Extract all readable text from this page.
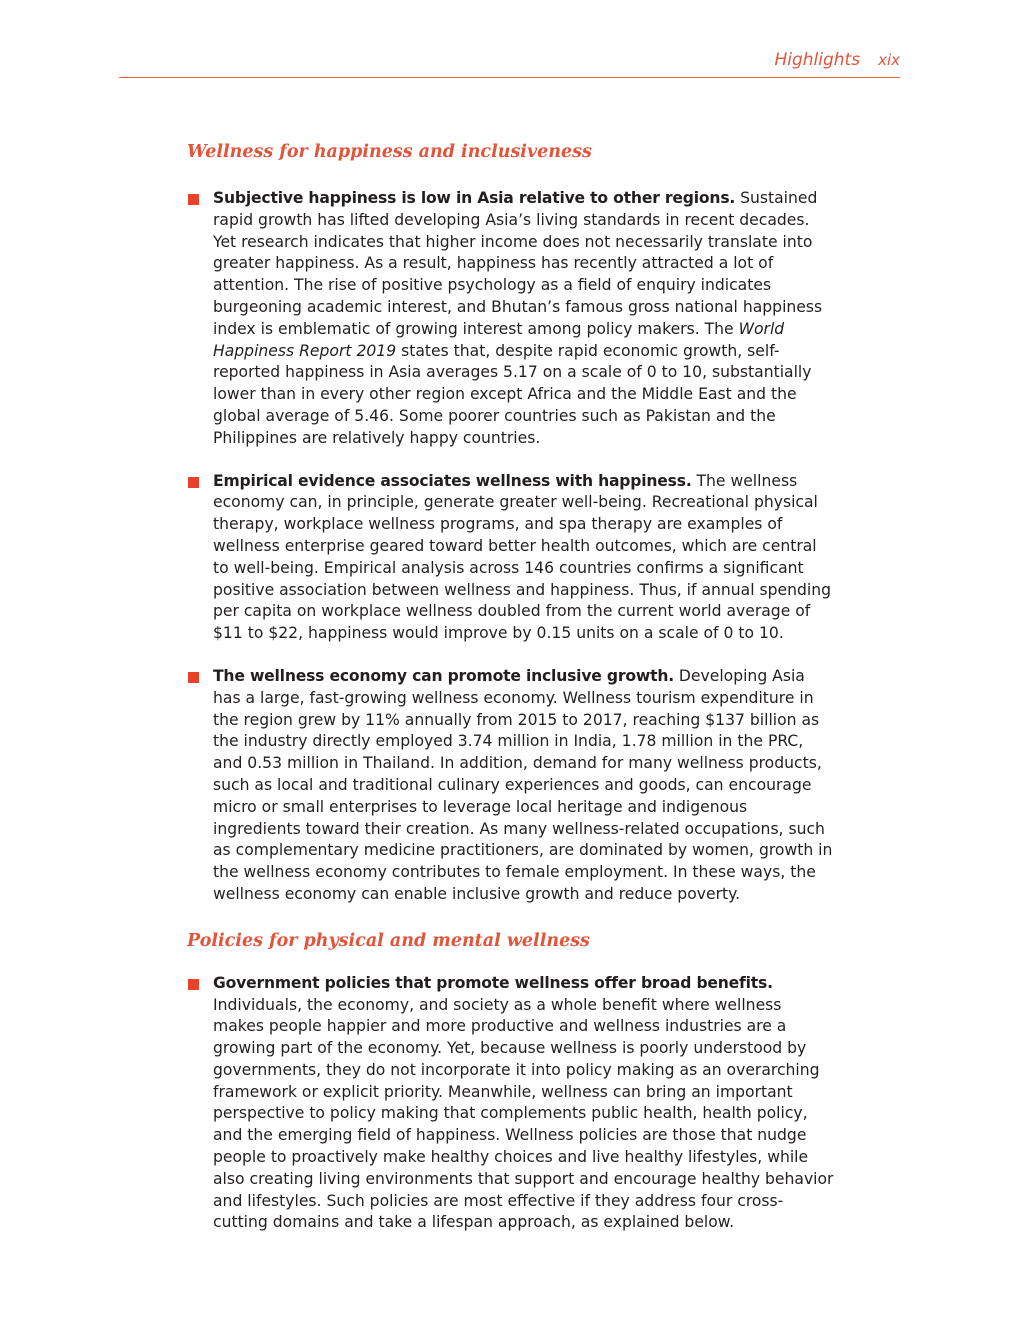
Highlights xix
Wellness for happiness and inclusiveness

Subjective happiness is low in Asia relative to other regions. Sustained rapid growth has lifted developing Asia’s living standards in recent decades. Yet research indicates that higher income does not necessarily translate into greater happiness. As a result, happiness has recently attracted a lot of attention. The rise of positive psychology as a field of enquiry indicates burgeoning academic interest, and Bhutan’s famous gross national happiness index is emblematic of growing interest among policy makers. The World Happiness Report 2019 states that, despite rapid economic growth, self-reported happiness in Asia averages 5.17 on a scale of 0 to 10, substantially lower than in every other region except Africa and the Middle East and the global average of 5.46. Some poorer countries such as Pakistan and the Philippines are relatively happy countries.

Empirical evidence associates wellness with happiness. The wellness economy can, in principle, generate greater well-being. Recreational physical therapy, workplace wellness programs, and spa therapy are examples of wellness enterprise geared toward better health outcomes, which are central to well-being. Empirical analysis across 146 countries confirms a significant positive association between wellness and happiness. Thus, if annual spending per capita on workplace wellness doubled from the current world average of $11 to $22, happiness would improve by 0.15 units on a scale of 0 to 10.

The wellness economy can promote inclusive growth. Developing Asia has a large, fast-growing wellness economy. Wellness tourism expenditure in the region grew by 11% annually from 2015 to 2017, reaching $137 billion as the industry directly employed 3.74 million in India, 1.78 million in the PRC, and 0.53 million in Thailand. In addition, demand for many wellness products, such as local and traditional culinary experiences and goods, can encourage micro or small enterprises to leverage local heritage and indigenous ingredients toward their creation. As many wellness-related occupations, such as complementary medicine practitioners, are dominated by women, growth in the wellness economy contributes to female employment. In these ways, the wellness economy can enable inclusive growth and reduce poverty.

Policies for physical and mental wellness

Government policies that promote wellness offer broad benefits. Individuals, the economy, and society as a whole benefit where wellness makes people happier and more productive and wellness industries are a growing part of the economy. Yet, because wellness is poorly understood by governments, they do not incorporate it into policy making as an overarching framework or explicit priority. Meanwhile, wellness can bring an important perspective to policy making that complements public health, health policy, and the emerging field of happiness. Wellness policies are those that nudge people to proactively make healthy choices and live healthy lifestyles, while also creating living environments that support and encourage healthy behavior and lifestyles. Such policies are most effective if they address four cross-cutting domains and take a lifespan approach, as explained below.
